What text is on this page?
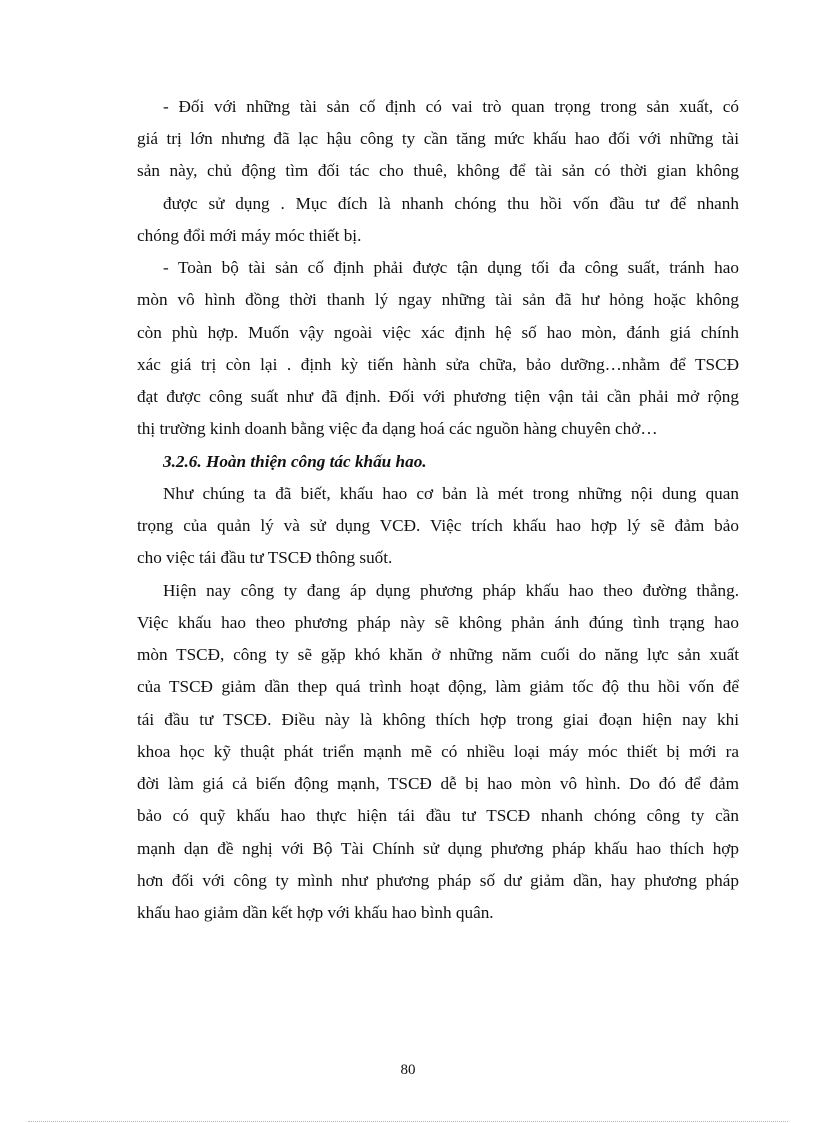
- Đối với những tài sản cố định có vai trò quan trọng trong sản xuất, có
giá trị lớn nhưng đã lạc hậu công ty cần tăng mức khấu hao đối với những tài
sản này, chủ động tìm đối tác cho thuê, không để tài sản có thời gian không
được sử dụng . Mục đích là nhanh chóng thu hồi vốn đầu tư để nhanh
chóng đổi mới máy móc thiết bị.
- Toàn bộ tài sản cố định phải được tận dụng tối đa công suất, tránh hao
mòn vô hình đồng thời thanh lý ngay những tài sản đã hư hỏng hoặc không
còn phù hợp. Muốn vậy ngoài việc xác định hệ số hao mòn, đánh giá chính
xác giá trị còn lại . định kỳ tiến hành sửa chữa, bảo dưỡng…nhằm để TSCĐ
đạt được công suất như đã định. Đối với phương tiện vận tải cần phải mở rộng
thị trường kinh doanh bằng việc đa dạng hoá các nguồn hàng chuyên chở…
3.2.6. Hoàn thiện công tác khấu hao.
Như chúng ta đã biết, khấu hao cơ bản là mét trong những nội dung quan
trọng của quản lý và sử dụng VCĐ. Việc trích khấu hao hợp lý sẽ đảm bảo
cho việc tái đầu tư TSCĐ thông suốt.
Hiện nay công ty đang áp dụng phương pháp khấu hao theo đường thẳng.
Việc khấu hao theo phương pháp này sẽ không phản ánh đúng tình trạng hao
mòn TSCĐ, công ty sẽ gặp khó khăn ở những năm cuối do năng lực sản xuất
của TSCĐ giảm dần thep quá trình hoạt động, làm giảm tốc độ thu hồi vốn để
tái đầu tư TSCĐ. Điều này là không thích hợp trong giai đoạn hiện nay khi
khoa học kỹ thuật phát triển mạnh mẽ có nhiều loại máy móc thiết bị mới ra
đời làm giá cả biến động mạnh, TSCĐ dễ bị hao mòn vô hình. Do đó để đảm
bảo có quỹ khấu hao thực hiện tái đầu tư TSCĐ nhanh chóng công ty cần
mạnh dạn đề nghị với Bộ Tài Chính sử dụng phương pháp khấu hao thích hợp
hơn đối với công ty mình như phương pháp số dư giảm dần, hay phương pháp
khấu hao giảm dần kết hợp với khấu hao bình quân.
80
